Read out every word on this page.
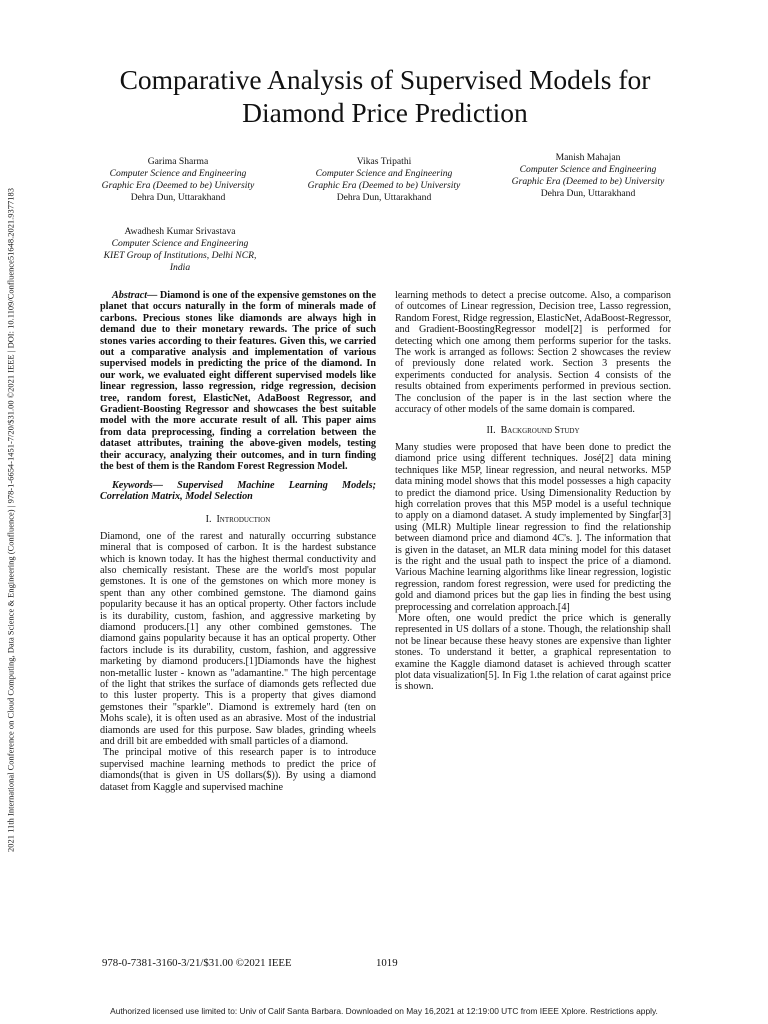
2021 11th International Conference on Cloud Computing, Data Science & Engineering (Confluence) | 978-1-6654-1451-7/20/$31.00 ©2021 IEEE | DOI: 10.1109/Confluence51648.2021.9377183
Comparative Analysis of Supervised Models for Diamond Price Prediction
Garima Sharma
Computer Science and Engineering
Graphic Era (Deemed to be) University
Dehra Dun, Uttarakhand
Vikas Tripathi
Computer Science and Engineering
Graphic Era (Deemed to be) University
Dehra Dun, Uttarakhand
Manish Mahajan
Computer Science and Engineering
Graphic Era (Deemed to be) University
Dehra Dun, Uttarakhand
Awadhesh Kumar Srivastava
Computer Science and Engineering
KIET Group of Institutions, Delhi NCR,
India

Abstract— Diamond is one of the expensive gemstones on the planet that occurs naturally in the form of minerals made of carbons. Precious stones like diamonds are always high in demand due to their monetary rewards. The price of such stones varies according to their features. Given this, we carried out a comparative analysis and implementation of various supervised models in predicting the price of the diamond. In our work, we evaluated eight different supervised models like linear regression, lasso regression, ridge regression, decision tree, random forest, ElasticNet, AdaBoost Regressor, and Gradient-Boosting Regressor and showcases the best suitable model with the more accurate result of all. This paper aims from data preprocessing, finding a correlation between the dataset attributes, training the above-given models, testing their accuracy, analyzing their outcomes, and in turn finding the best of them is the Random Forest Regression Model.

Keywords— Supervised Machine Learning Models; Correlation Matrix, Model Selection

I. Introduction

Diamond, one of the rarest and naturally occurring substance mineral that is composed of carbon. It is the hardest substance which is known today. It has the highest thermal conductivity and also chemically resistant. These are the world's most popular gemstones. It is one of the gemstones on which more money is spent than any other combined gemstone. The diamond gains popularity because it has an optical property. Other factors include is its durability, custom, fashion, and aggressive marketing by diamond producers.[1] any other combined gemstones. The diamond gains popularity because it has an optical property. Other factors include is its durability, custom, fashion, and aggressive marketing by diamond producers.[1]Diamonds have the highest non-metallic luster - known as "adamantine." The high percentage of the light that strikes the surface of diamonds gets reflected due to this luster property. This is a property that gives diamond gemstones their "sparkle". Diamond is extremely hard (ten on Mohs scale), it is often used as an abrasive. Most of the industrial diamonds are used for this purpose. Saw blades, grinding wheels and drill bit are embedded with small particles of a diamond.

The principal motive of this research paper is to introduce supervised machine learning methods to predict the price of diamonds(that is given in US dollars($)). By using a diamond dataset from Kaggle and supervised machine

learning methods to detect a precise outcome. Also, a comparison of outcomes of Linear regression, Decision tree, Lasso regression, Random Forest, Ridge regression, ElasticNet, AdaBoost-Regressor, and Gradient-BoostingRegressor model[2] is performed for detecting which one among them performs superior for the tasks. The work is arranged as follows: Section 2 showcases the review of previously done related work. Section 3 presents the experiments conducted for analysis. Section 4 consists of the results obtained from experiments performed in previous section. The conclusion of the paper is in the last section where the accuracy of other models of the same domain is compared.

II. Background Study

Many studies were proposed that have been done to predict the diamond price using different techniques. José[2] data mining techniques like M5P, linear regression, and neural networks. M5P data mining model shows that this model possesses a high capacity to predict the diamond price. Using Dimensionality Reduction by high correlation proves that this M5P model is a useful technique to apply on a diamond dataset. A study implemented by Singfar[3] using (MLR) Multiple linear regression to find the relationship between diamond price and diamond 4C's. ]. The information that is given in the dataset, an MLR data mining model for this dataset is the right and the usual path to inspect the price of a diamond. Various Machine learning algorithms like linear regression, logistic regression, random forest regression, were used for predicting the gold and diamond prices but the gap lies in finding the best using preprocessing and correlation approach.[4]

More often, one would predict the price which is generally represented in US dollars of a stone. Though, the relationship shall not be linear because these heavy stones are expensive than lighter stones. To understand it better, a graphical representation to examine the Kaggle diamond dataset is achieved through scatter plot data visualization[5]. In Fig 1.the relation of carat against price is shown.

978-0-7381-3160-3/21/$31.00 ©2021 IEEE	1019
Authorized licensed use limited to: Univ of Calif Santa Barbara. Downloaded on May 16,2021 at 12:19:00 UTC from IEEE Xplore. Restrictions apply.
